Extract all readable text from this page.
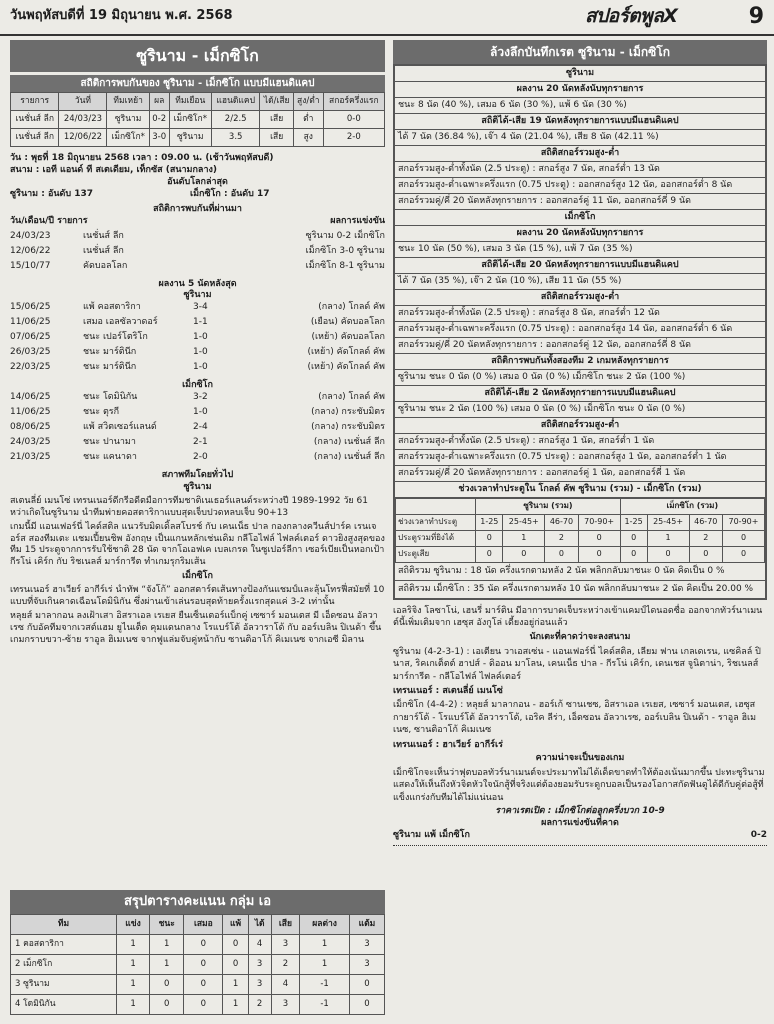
วันพฤหัสบดีที่ 19 มิถุนายน พ.ศ. 2568	สปอร์ตพูลX	9
ซูรินาม - เม็กซิโก
สถิติการพบกันของ ซูรินาม - เม็กซิโก แบบมีแฮนดิแคป
รายการ	วันที่	ทีมเหย้า	ผล	ทีมเยือน	แฮนดิแคป	ได้/เสีย	สูง/ต่ำ	สกอร์ครึ่งแรก
เนชั่นส์ ลีก	24/03/23	ซูรินาม	0-2	เม็กซิโก*	2/2.5	เสีย	ต่ำ	0-0
เนชั่นส์ ลีก	12/06/22	เม็กซิโก*	3-0	ซูรินาม	3.5	เสีย	สูง	2-0
วัน : พุธที่ 18 มิถุนายน 2568 เวลา : 09.00 น. (เช้าวันพฤหัสบดี)
สนาม : เอที แอนด์ ที สเตเดียม, เท็กซัส (สนามกลาง)
อันดับโลกล่าสุด
ซูรินาม : อันดับ 137	เม็กซิโก : อันดับ 17
สถิติการพบกันที่ผ่านมา
วัน/เดือน/ปี รายการ	ผลการแข่งขัน
24/03/23	เนชั่นส์ ลีก	ซูรินาม 0-2 เม็กซิโก
12/06/22	เนชั่นส์ ลีก	เม็กซิโก 3-0 ซูรินาม
15/10/77	คัดบอลโลก	เม็กซิโก 8-1 ซูรินาม
ผลงาน 5 นัดหลังสุด
ซูรินาม
15/06/25	แพ้ คอสตาริกา	3-4	(กลาง) โกลด์ คัพ
11/06/25	เสมอ เอลซัลวาดอร์	1-1	(เยือน) คัดบอลโลก
07/06/25	ชนะ เปอร์โตริโก	1-0	(เหย้า) คัดบอลโลก
26/03/25	ชนะ มาร์ตินีก	1-0	(เหย้า) คัดโกลด์ คัพ
22/03/25	ชนะ มาร์ตินีก	1-0	(เหย้า) คัดโกลด์ คัพ
เม็กซิโก
14/06/25	ชนะ โดมินิกัน	3-2	(กลาง) โกลด์ คัพ
11/06/25	ชนะ ตุรกี	1-0	(กลาง) กระชับมิตร
08/06/25	แพ้ สวิตเซอร์แลนด์	2-4	(กลาง) กระชับมิตร
24/03/25	ชนะ ปานามา	2-1	(กลาง) เนชั่นส์ ลีก
21/03/25	ชนะ แคนาดา	2-0	(กลาง) เนชั่นส์ ลีก
สภาพทีมโดยทั่วไป
ซูรินาม

สเตนลี่ย์ เมนโซ่ เทรนเนอร์ดีกรีอดีตมือการทีมชาติเนเธอร์แลนด์ระหว่างปี 1989-1992 วัย 61 หว่าเกิดในซูรินาม นำทีมพ่ายคอสตาริกาแบบสุดเจ็บปวดหลบเจ็บ 90+13

เกมนี้มี แอนเฟอร์นี่ ไคด์สติล แนวรับมิดเดิ้ลสโบรช์ กับ เคนเน็ธ ปาล กองกลางควีนส์ปาร์ค เรนเจอร์ส สองทีมเตะ แชมเปี้ยนชิพ อังกฤษ เป็นแกนหลักเช่นเดิม กลีโอไฟล์ ไฟลค์เตอร์ ดาวยิงสูงสุดของทีม 15 ประตูจากการรับใช้ชาติ 28 นัด จากโอเอฟเค เบลเกรด ในซูเปอร์ลีกา เซอร์เบียเป็นหอกเป้า กีรโน่ เคิร์ก กับ ริชเนลส์ มาร์การีต ทำเกมรุกริมเส้น

เม็กซิโก

เทรนเนอร์ ฮาเวียร์ อากีร์เร่ นำทัพ “จังโก้” ออกสตาร์ตเส้นทางป้องกันแชมป์และลุ้นโทรฟี่สมัยที่ 10 แบบที่จับเกินคาดเฉือนโดมินิกัน ซึ่งผ่านเข้าเล่นรอบสุดท้ายครั้งแรกสุดแค่ 3-2 เท่านั้น

หลุยส์ มาลากอน ลงเฝ้าเสา อิสราเอล เรเยส ยืนเซ็นเตอร์แบ็กคู่ เซซาร์ มอนเตส มี เอ็ดซอน อัลวาเรซ กับอัคทีมจากเวสต์แฮม ยูไนเต็ด คุมแดนกลาง โรแบร์โต้ อัลวาราโด้ กับ ออร์เบลิน ปิเนด้า ขึ้นเกมกราบขวา-ซ้าย ราอูล ฮิเมเนซ จากฟูแล่มจับคู่หน้ากับ ซานติอาโก้ คิเมเนซ จากเอซี มิลาน

สรุปตารางคะแนน กลุ่ม เอ
ทีม	แข่ง	ชนะ	เสมอ	แพ้	ได้	เสีย	ผลต่าง	แต้ม
1 คอสตาริกา	1	1	0	0	4	3	1	3
2 เม็กซิโก	1	1	0	0	3	2	1	3
3 ซูรินาม	1	0	0	1	3	4	-1	0
4 โดมินิกัน	1	0	0	1	2	3	-1	0
ล้วงลึกบันทึกเรต ซูรินาม - เม็กซิโก
ซูรินาม
ผลงาน 20 นัดหลังนับทุกรายการ
ชนะ 8 นัด (40 %), เสมอ 6 นัด (30 %), แพ้ 6 นัด (30 %)
สถิติได้-เสีย 19 นัดหลังทุกรายการแบบมีแฮนดิแคป
ได้ 7 นัด (36.84 %), เจ๊า 4 นัด (21.04 %), เสีย 8 นัด (42.11 %)
สถิติสกอร์รวมสูง-ต่ำ
สกอร์รวมสูง-ต่ำทั้งนัด (2.5 ประตู) : สกอร์สูง 7 นัด, สกอร์ต่ำ 13 นัด
สกอร์รวมสูง-ต่ำเฉพาะครึ่งแรก (0.75 ประตู) : ออกสกอร์สูง 12 นัด, ออกสกอร์ต่ำ 8 นัด
สกอร์รวมคู่/คี่ 20 นัดหลังทุกรายการ : ออกสกอร์คู่ 11 นัด, ออกสกอร์คี่ 9 นัด
เม็กซิโก
ผลงาน 20 นัดหลังนับทุกรายการ
ชนะ 10 นัด (50 %), เสมอ 3 นัด (15 %), แพ้ 7 นัด (35 %)
สถิติได้-เสีย 20 นัดหลังทุกรายการแบบมีแฮนดิแคป
ได้ 7 นัด (35 %), เจ๊า 2 นัด (10 %), เสีย 11 นัด (55 %)
สถิติสกอร์รวมสูง-ต่ำ
สกอร์รวมสูง-ต่ำทั้งนัด (2.5 ประตู) : สกอร์สูง 8 นัด, สกอร์ต่ำ 12 นัด
สกอร์รวมสูง-ต่ำเฉพาะครึ่งแรก (0.75 ประตู) : ออกสกอร์สูง 14 นัด, ออกสกอร์ต่ำ 6 นัด
สกอร์รวมคู่/คี่ 20 นัดหลังทุกรายการ : ออกสกอร์คู่ 12 นัด, ออกสกอร์คี่ 8 นัด
สถิติการพบกันทั้งสองทีม 2 เกมหลังทุกรายการ
ซูรินาม ชนะ 0 นัด (0 %) เสมอ 0 นัด (0 %) เม็กซิโก ชนะ 2 นัด (100 %)
สถิติได้-เสีย 2 นัดหลังทุกรายการแบบมีแฮนดิแคป
ซูรินาม ชนะ 2 นัด (100 %) เสมอ 0 นัด (0 %) เม็กซิโก ชนะ 0 นัด (0 %)
สถิติสกอร์รวมสูง-ต่ำ
สกอร์รวมสูง-ต่ำทั้งนัด (2.5 ประตู) : สกอร์สูง 1 นัด, สกอร์ต่ำ 1 นัด
สกอร์รวมสูง-ต่ำเฉพาะครึ่งแรก (0.75 ประตู) : ออกสกอร์สูง 1 นัด, ออกสกอร์ต่ำ 1 นัด
สกอร์รวมคู่/คี่ 20 นัดหลังทุกรายการ : ออกสกอร์คู่ 1 นัด, ออกสกอร์คี่ 1 นัด
ช่วงเวลาทำประตูใน โกลด์ คัพ ซูรินาม (รวม) - เม็กซิโก (รวม)
	ซูรินาม (รวม)				เม็กซิโก (รวม)			
ช่วงเวลาทำประตู	1-25	25-45+	46-70	70-90+	1-25	25-45+	46-70	70-90+
ประตูรวมที่ยิงได้	0	1	2	0	0	1	2	0
ประตูเสีย	0	0	0	0	0	0	0	0
สถิติรวม ซูรินาม : 18 นัด ครึ่งแรกตามหลัง 2 นัด พลิกกลับมาชนะ 0 นัด คิดเป็น 0 %
สถิติรวม เม็กซิโก : 35 นัด ครึ่งแรกตามหลัง 10 นัด พลิกกลับมาชนะ 2 นัด คิดเป็น 20.00 %

เอลริจิง โลซาโน่, เฮนรี่ มาร์ติน มีอาการบาดเจ็บระหว่างเข้าแคมป์ไดนอดซื่อ ออกจากทัวร์นาเมนต์นี้เพิ่มเติมจาก เฮซุส อังกูโล่ เดี้ยงอยู่ก่อนแล้ว

นักเตะที่คาดว่าจะลงสนาม

ซูรินาม (4-2-3-1) : เอเตียน วาเอสเซ่น - แอนเฟอร์นี่ ไคด์สติล, เลียม ฟาน เกลเดเรน, แซคิลล์ ปินาส, ริคเกเต็ตต์ ฮาปส์ - ดิออน มาโลน, เคนเน็ธ ปาล - กีรโน่ เคิร์ก, เดนเชส จูนิตาน่า, ริชเนลส์ มาร์การีต - กลีโอไฟล์ ไฟลค์เตอร์

เทรนเนอร์ : สเตนลี่ย์ เมนโซ่

เม็กซิโก (4-4-2) : หลุยส์ มาลากอน - ฮอร์เก้ ซานเชซ, อิสราเอล เรเยส, เซซาร์ มอนเตส, เฮซุส กายาร์โด้ - โรแบร์โต้ อัลวาราโด้, เอริค ลีร่า, เอ็ดซอน อัลวาเรซ, ออร์เบลิน ปิเนด้า - ราอูล ฮิเมเนซ, ซานติอาโก้ คิเมเนซ

เทรนเนอร์ : ฮาเวียร์ อากีร์เร่

ความน่าจะเป็นของเกม

เม็กซิโกจะเห็นว่าฟุตบอลทัวร์นาเมนต์จะประมาทไม่ได้เด็ดขาดทำให้ต้องเน้นมากขึ้น ปะทะซูรินามแสดงให้เห็นถึงหัวจิตหัวใจนักสู้ที่จริงแต่ต้องยอมรับระดูกบอลเป็นรองโอกาสกัดฟันดูได้ดีกับคู่ต่อสู้ที่แข็งแกร่งกับทีมได้ไม่แน่นอน

ราคาเรตเปิด : เม็กซิโกต่อลูกครึ่งบวก 10-9
ผลการแข่งขันที่คาด
ซูรินาม แพ้ เม็กซิโก	0-2
